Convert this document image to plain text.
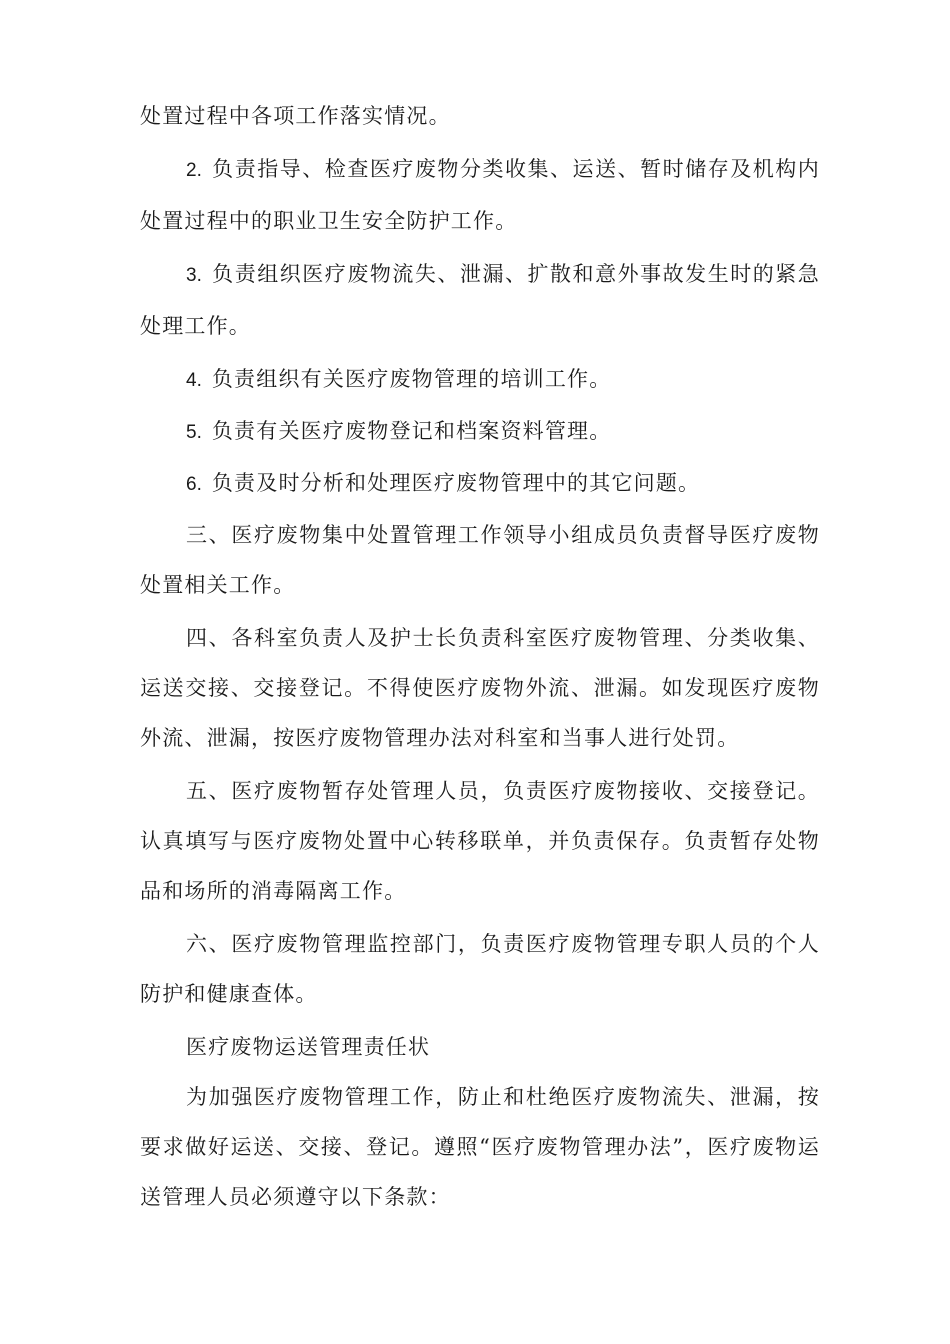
处置过程中各项工作落实情况。

2. 负责指导、检查医疗废物分类收集、运送、暂时储存及机构内处置过程中的职业卫生安全防护工作。

3. 负责组织医疗废物流失、泄漏、扩散和意外事故发生时的紧急处理工作。

4. 负责组织有关医疗废物管理的培训工作。

5. 负责有关医疗废物登记和档案资料管理。

6. 负责及时分析和处理医疗废物管理中的其它问题。

三、医疗废物集中处置管理工作领导小组成员负责督导医疗废物处置相关工作。

四、各科室负责人及护士长负责科室医疗废物管理、分类收集、运送交接、交接登记。不得使医疗废物外流、泄漏。如发现医疗废物外流、泄漏，按医疗废物管理办法对科室和当事人进行处罚。

五、医疗废物暂存处管理人员，负责医疗废物接收、交接登记。认真填写与医疗废物处置中心转移联单，并负责保存。负责暂存处物品和场所的消毒隔离工作。

六、医疗废物管理监控部门，负责医疗废物管理专职人员的个人防护和健康查体。

医疗废物运送管理责任状

为加强医疗废物管理工作，防止和杜绝医疗废物流失、泄漏，按要求做好运送、交接、登记。遵照“医疗废物管理办法”，医疗废物运送管理人员必须遵守以下条款：
